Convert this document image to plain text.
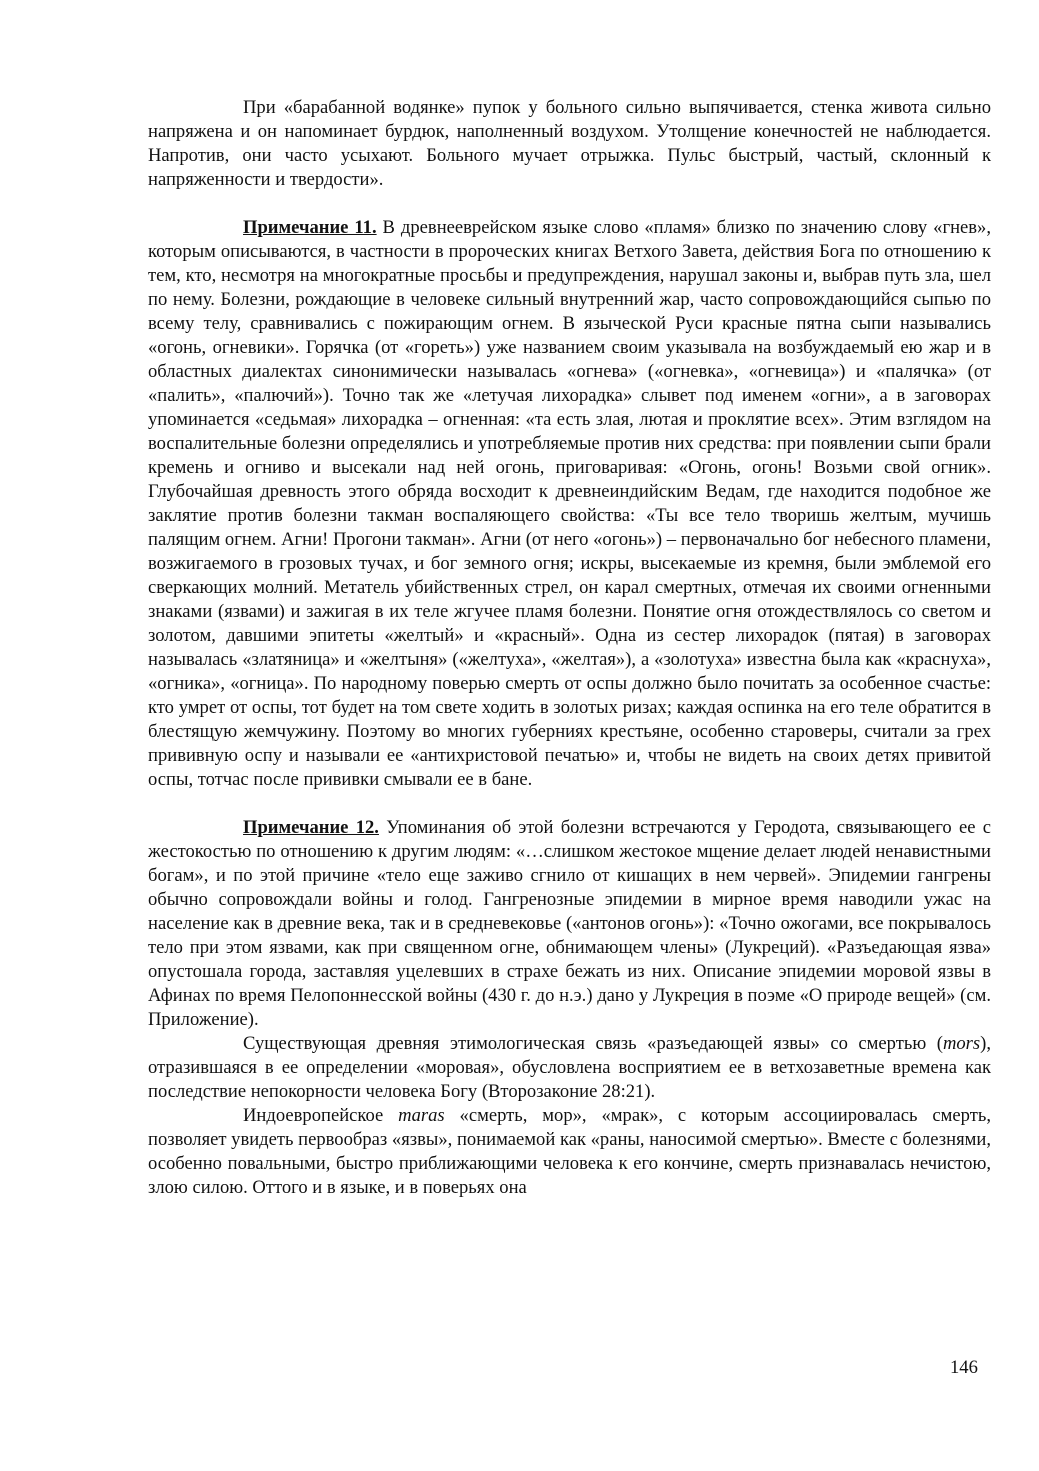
При «барабанной водянке» пупок у больного сильно выпячивается, стенка живота сильно напряжена и он напоминает бурдюк, наполненный воздухом. Утолщение конечностей не наблюдается. Напротив, они часто усыхают. Больного мучает отрыжка. Пульс быстрый, частый, склонный к напряженности и твердости».

Примечание 11. В древнееврейском языке слово «пламя» близко по значению слову «гнев», которым описываются, в частности в пророческих книгах Ветхого Завета, действия Бога по отношению к тем, кто, несмотря на многократные просьбы и предупреждения, нарушал законы и, выбрав путь зла, шел по нему. Болезни, рождающие в человеке сильный внутренний жар, часто сопровождающийся сыпью по всему телу, сравнивались с пожирающим огнем. В языческой Руси красные пятна сыпи назывались «огонь, огневики». Горячка (от «гореть») уже названием своим указывала на возбуждаемый ею жар и в областных диалектах синонимически называлась «огнева» («огневка», «огневица») и «палячка» (от «палить», «палючий»). Точно так же «летучая лихорадка» слывет под именем «огни», а в заговорах упоминается «седьмая» лихорадка – огненная: «та есть злая, лютая и проклятие всех». Этим взглядом на воспалительные болезни определялись и употребляемые против них средства: при появлении сыпи брали кремень и огниво и высекали над ней огонь, приговаривая: «Огонь, огонь! Возьми свой огник». Глубочайшая древность этого обряда восходит к древнеиндийским Ведам, где находится подобное же заклятие против болезни такман воспаляющего свойства: «Ты все тело творишь желтым, мучишь палящим огнем. Агни! Прогони такман». Агни (от него «огонь») – первоначально бог небесного пламени, возжигаемого в грозовых тучах, и бог земного огня; искры, высекаемые из кремня, были эмблемой его сверкающих молний. Метатель убийственных стрел, он карал смертных, отмечая их своими огненными знаками (язвами) и зажигая в их теле жгучее пламя болезни. Понятие огня отождествлялось со светом и золотом, давшими эпитеты «желтый» и «красный». Одна из сестер лихорадок (пятая) в заговорах называлась «златяница» и «желтыня» («желтуха», «желтая»), а «золотуха» известна была как «краснуха», «огника», «огница». По народному поверью смерть от оспы должно было почитать за особенное счастье: кто умрет от оспы, тот будет на том свете ходить в золотых ризах; каждая оспинка на его теле обратится в блестящую жемчужину. Поэтому во многих губерниях крестьяне, особенно староверы, считали за грех прививную оспу и называли ее «антихристовой печатью» и, чтобы не видеть на своих детях привитой оспы, тотчас после прививки смывали ее в бане.

Примечание 12. Упоминания об этой болезни встречаются у Геродота, связывающего ее с жестокостью по отношению к другим людям: «…слишком жестокое мщение делает людей ненавистными богам», и по этой причине «тело еще заживо сгнило от кишащих в нем червей». Эпидемии гангрены обычно сопровождали войны и голод. Гангренозные эпидемии в мирное время наводили ужас на население как в древние века, так и в средневековье («антонов огонь»): «Точно ожогами, все покрывалось тело при этом язвами, как при священном огне, обнимающем члены» (Лукреций). «Разъедающая язва» опустошала города, заставляя уцелевших в страхе бежать из них. Описание эпидемии моровой язвы в Афинах по время Пелопоннесской войны (430 г. до н.э.) дано у Лукреция в поэме «О природе вещей» (см. Приложение).

Существующая древняя этимологическая связь «разъедающей язвы» со смертью (mors), отразившаяся в ее определении «моровая», обусловлена восприятием ее в ветхозаветные времена как последствие непокорности человека Богу (Второзаконие 28:21).

Индоевропейское maras «смерть, мор», «мрак», с которым ассоциировалась смерть, позволяет увидеть первообраз «язвы», понимаемой как «раны, наносимой смертью». Вместе с болезнями, особенно повальными, быстро приближающими человека к его кончине, смерть признавалась нечистою, злою силою. Оттого и в языке, и в поверьях она

146
